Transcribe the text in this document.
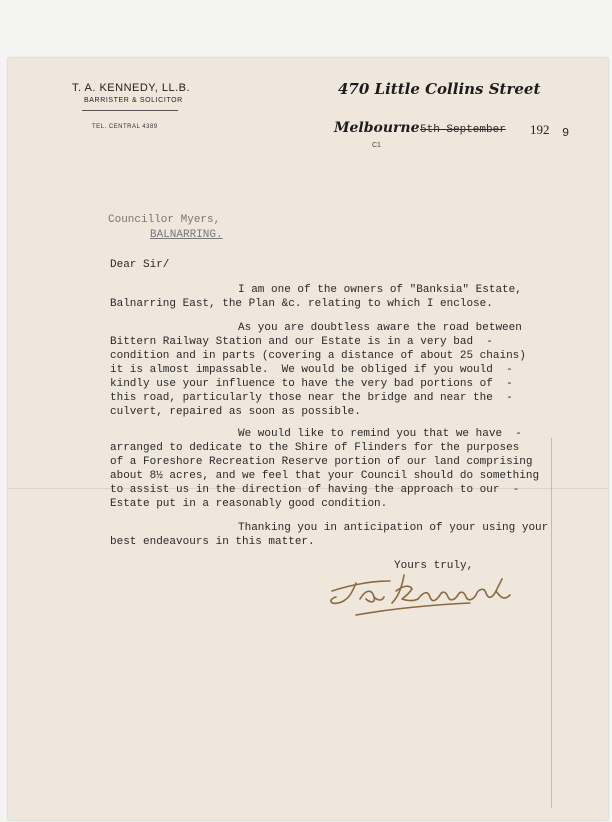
T. A. KENNEDY, LL.B.
BARRISTER & SOLICITOR
TEL. CENTRAL 4389
470 Little Collins Street
Melbourne 5th September 192 9
C1
Councillor Myers,
BALNARRING.
Dear Sir/
I am one of the owners of "Banksia" Estate,
Balnarring East, the Plan &c. relating to which I enclose.
As you are doubtless aware the road between
Bittern Railway Station and our Estate is in a very bad  -
condition and in parts (covering a distance of about 25 chains)
it is almost impassable.  We would be obliged if you would  -
kindly use your influence to have the very bad portions of  -
this road, particularly those near the bridge and near the  -
culvert, repaired as soon as possible.
We would like to remind you that we have  -
arranged to dedicate to the Shire of Flinders for the purposes
of a Foreshore Recreation Reserve portion of our land comprising
about 8½ acres, and we feel that your Council should do something
to assist us in the direction of having the approach to our  -
Estate put in a reasonably good condition.
Thanking you in anticipation of your using your
best endeavours in this matter.
Yours truly,
